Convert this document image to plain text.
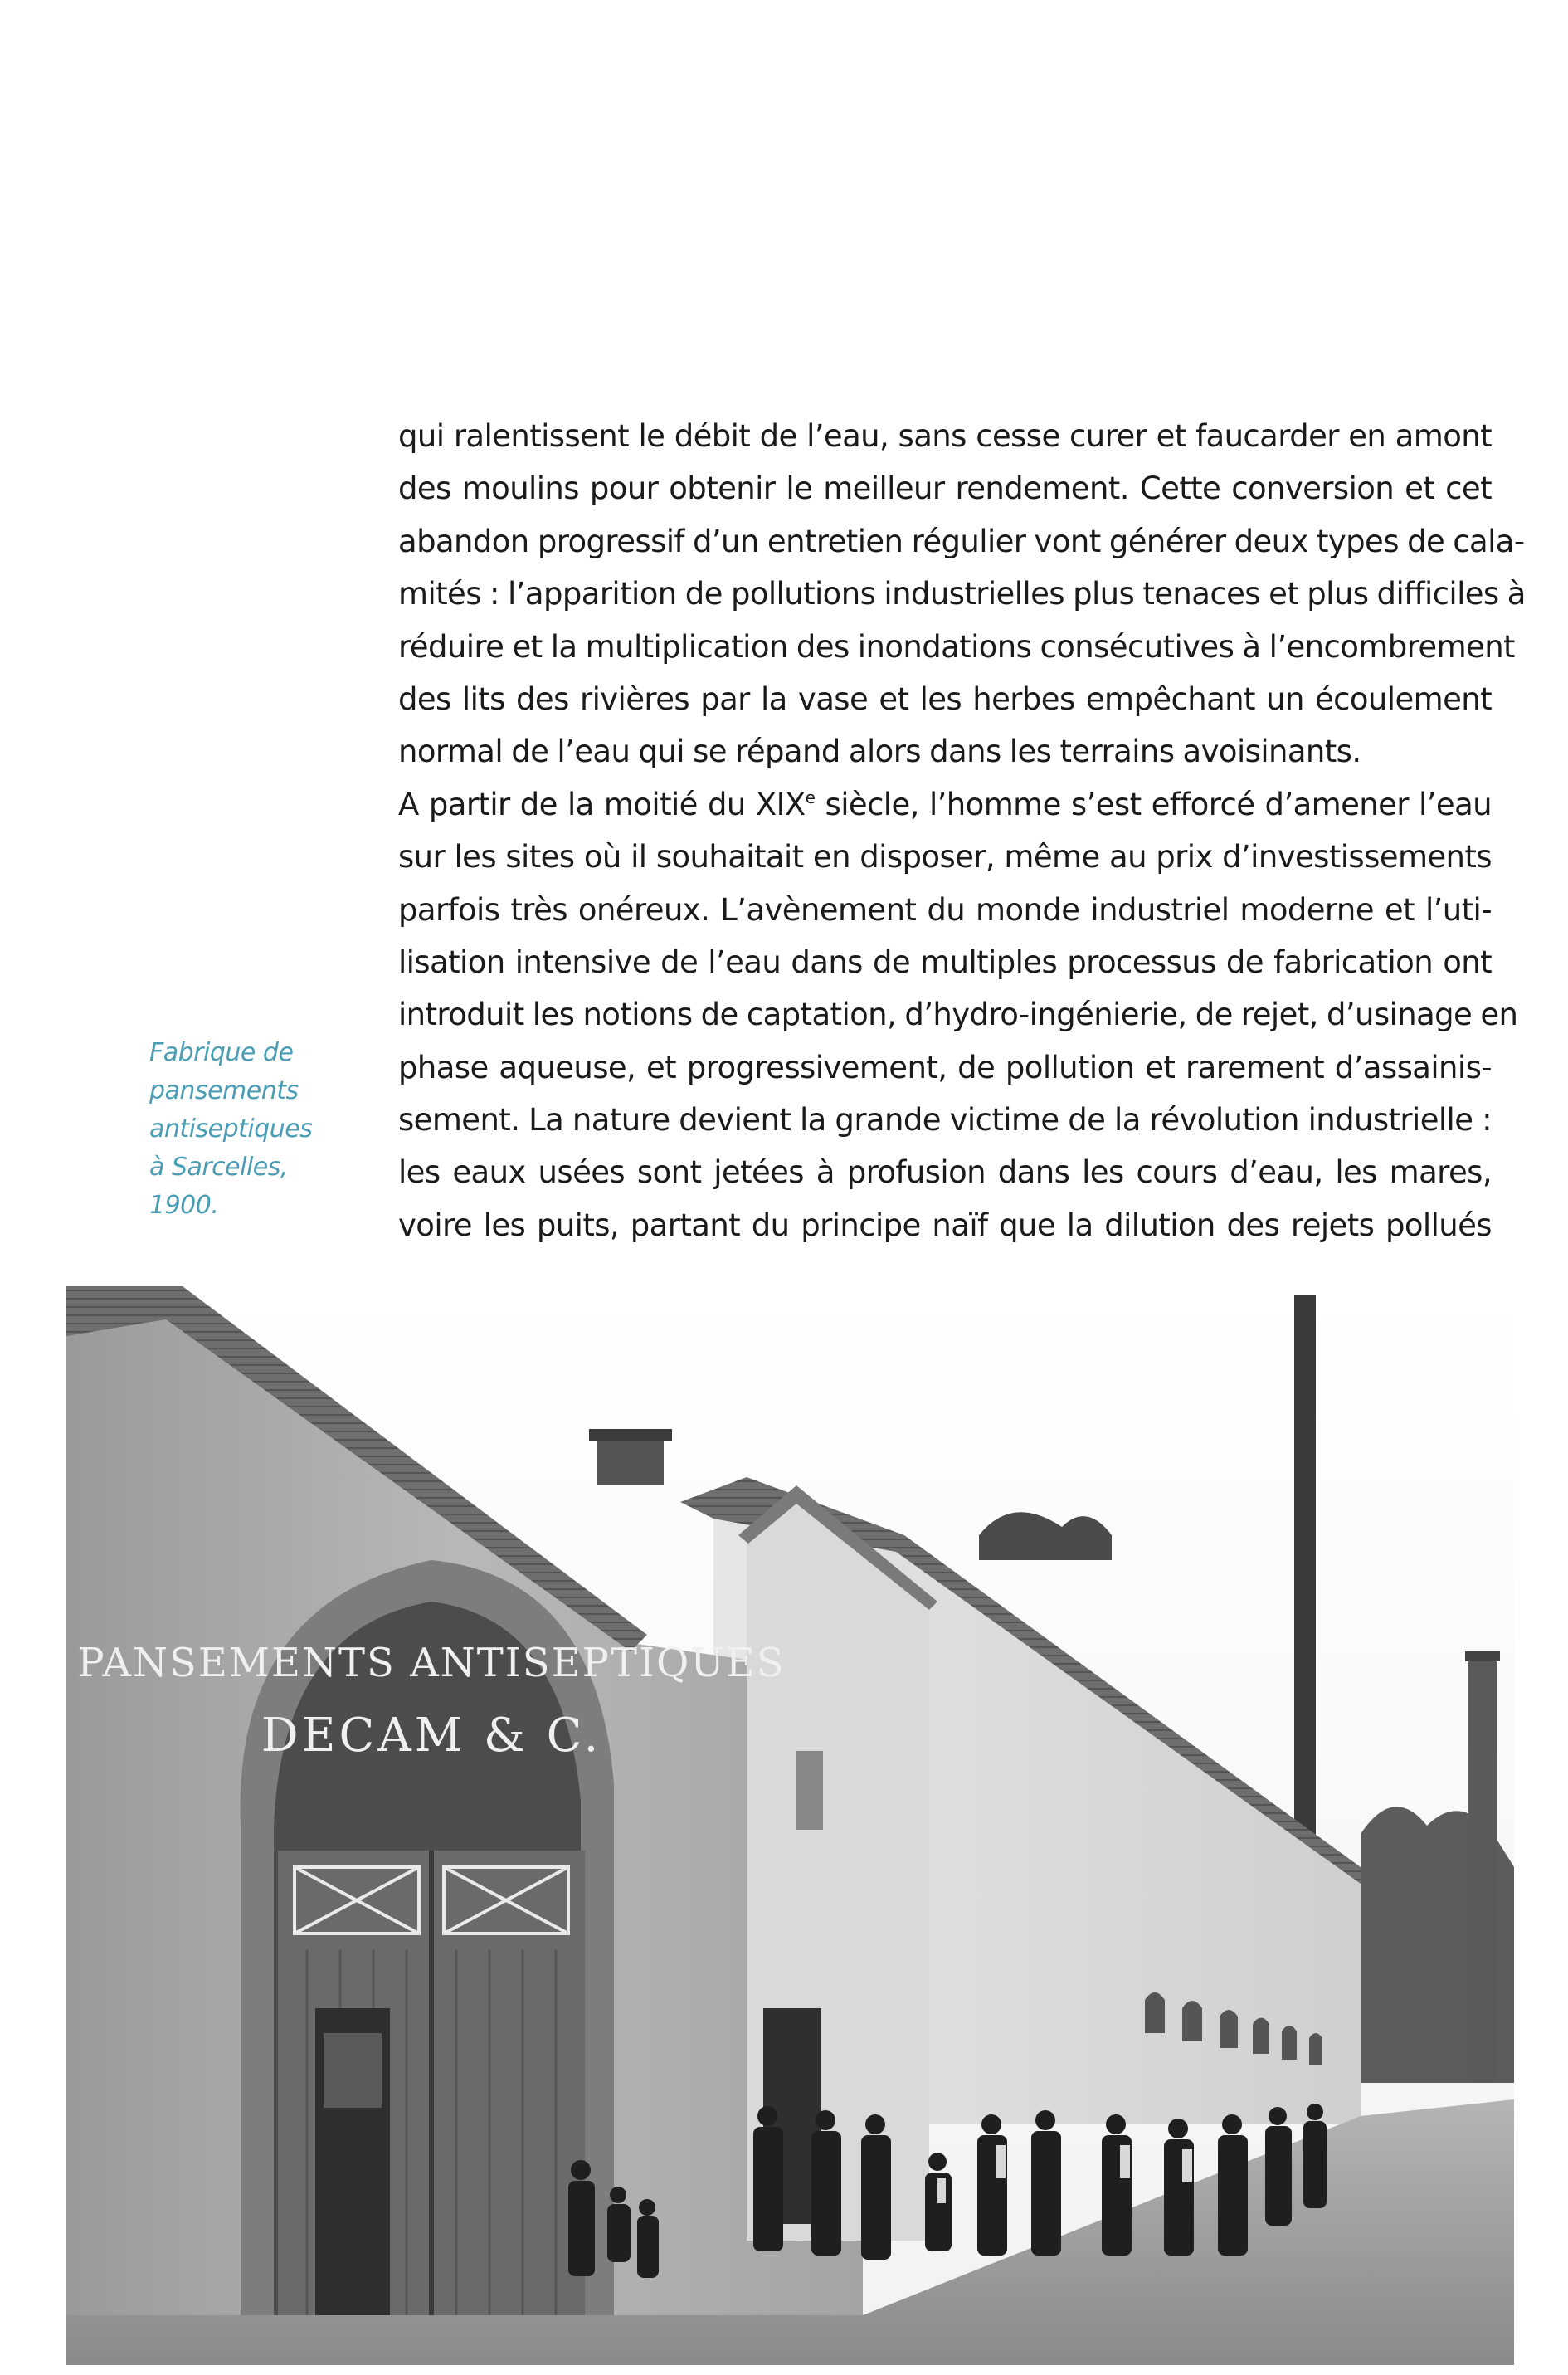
Fabrique de
pansements
antiseptiques
à Sarcelles,
1900.
qui ralentissent le débit de l’eau, sans cesse curer et faucarder en amont
des moulins pour obtenir le meilleur rendement. Cette conversion et cet
abandon progressif d’un entretien régulier vont générer deux types de cala-
mités : l’apparition de pollutions industrielles plus tenaces et plus difficiles à
réduire et la multiplication des inondations consécutives à l’encombrement
des lits des rivières par la vase et les herbes empêchant un écoulement
normal de l’eau qui se répand alors dans les terrains avoisinants.
A partir de la moitié du XIXe siècle, l’homme s’est efforcé d’amener l’eau
sur les sites où il souhaitait en disposer, même au prix d’investissements
parfois très onéreux. L’avènement du monde industriel moderne et l’uti-
lisation intensive de l’eau dans de multiples processus de fabrication ont
introduit les notions de captation, d’hydro-ingénierie, de rejet, d’usinage en
phase aqueuse, et progressivement, de pollution et rarement d’assainis-
sement. La nature devient la grande victime de la révolution industrielle :
les eaux usées sont jetées à profusion dans les cours d’eau, les mares,
voire les puits, partant du principe naïf que la dilution des rejets pollués
PANSEMENTS ANTISEPTIQUES
DECAM & C.
